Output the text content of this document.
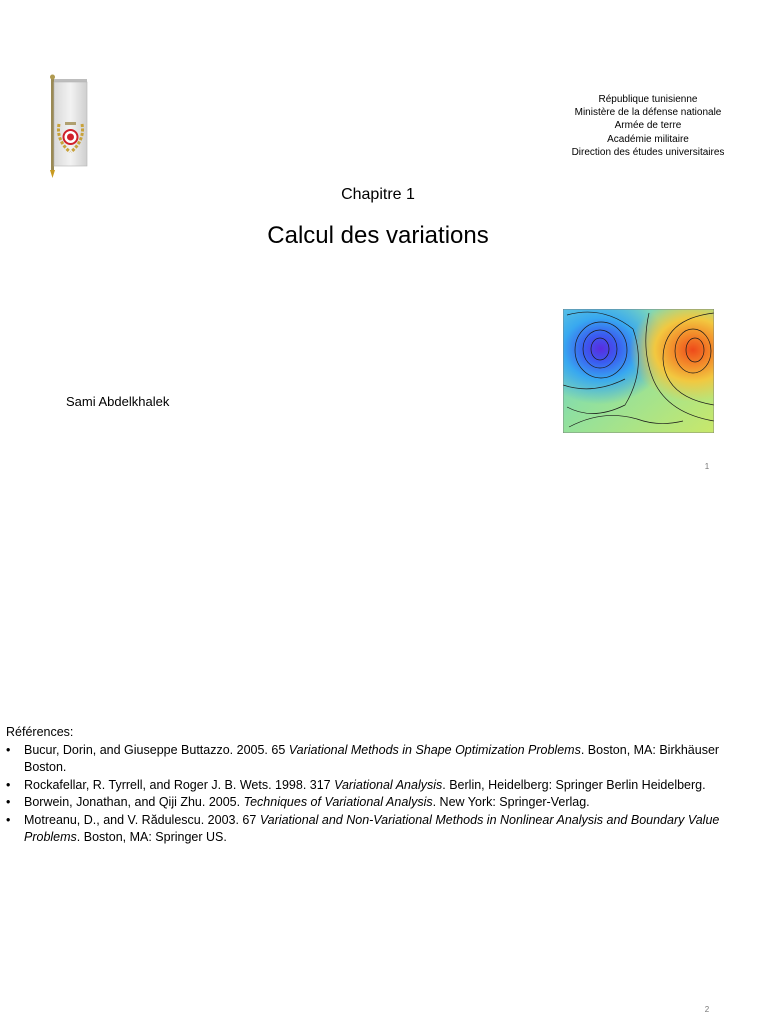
République tunisienne
Ministère de la défense nationale
Armée de terre
Académie militaire
Direction des études universitaires
Chapitre 1
Calcul des variations
Sami Abdelkhalek
1
Références:
• Bucur, Dorin, and Giuseppe Buttazzo. 2005. 65 Variational Methods in Shape Optimization Problems. Boston, MA: Birkhäuser Boston.
• Rockafellar, R. Tyrrell, and Roger J. B. Wets. 1998. 317 Variational Analysis. Berlin, Heidelberg: Springer Berlin Heidelberg.
• Borwein, Jonathan, and Qiji Zhu. 2005. Techniques of Variational Analysis. New York: Springer-Verlag.
• Motreanu, D., and V. Rădulescu. 2003. 67 Variational and Non-Variational Methods in Nonlinear Analysis and Boundary Value Problems. Boston, MA: Springer US.
2
